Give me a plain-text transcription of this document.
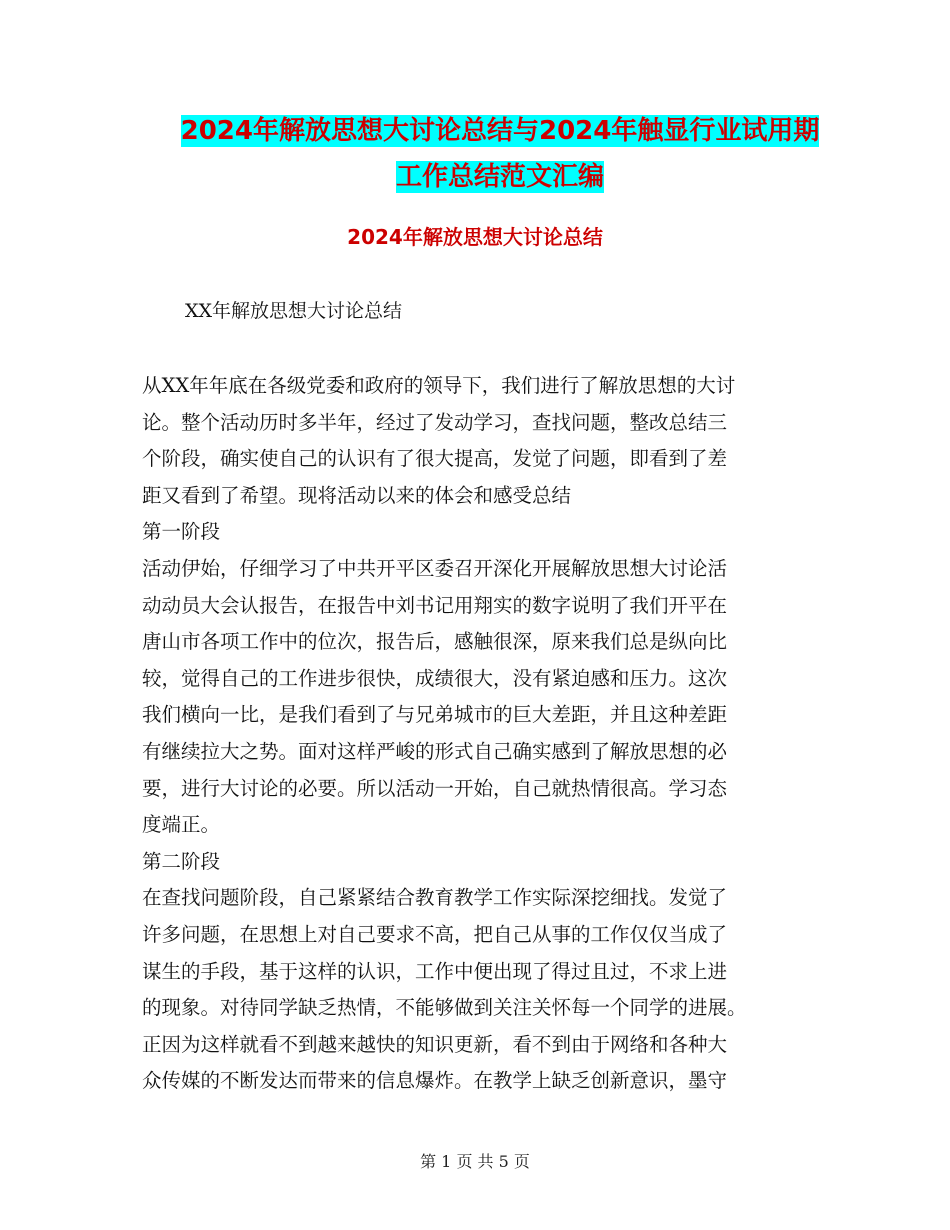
2024年解放思想大讨论总结与2024年触显行业试用期
工作总结范文汇编
2024年解放思想大讨论总结

XX年解放思想大讨论总结

从XX年年底在各级党委和政府的领导下，我们进行了解放思想的大讨
论。整个活动历时多半年，经过了发动学习，查找问题，整改总结三
个阶段，确实使自己的认识有了很大提高，发觉了问题，即看到了差
距又看到了希望。现将活动以来的体会和感受总结
第一阶段
活动伊始，仔细学习了中共开平区委召开深化开展解放思想大讨论活
动动员大会认报告，在报告中刘书记用翔实的数字说明了我们开平在
唐山市各项工作中的位次，报告后，感触很深，原来我们总是纵向比
较，觉得自己的工作进步很快，成绩很大，没有紧迫感和压力。这次
我们横向一比，是我们看到了与兄弟城市的巨大差距，并且这种差距
有继续拉大之势。面对这样严峻的形式自己确实感到了解放思想的必
要，进行大讨论的必要。所以活动一开始，自己就热情很高。学习态
度端正。
第二阶段
在查找问题阶段，自己紧紧结合教育教学工作实际深挖细找。发觉了
许多问题，在思想上对自己要求不高，把自己从事的工作仅仅当成了
谋生的手段，基于这样的认识，工作中便出现了得过且过，不求上进
的现象。对待同学缺乏热情，不能够做到关注关怀每一个同学的进展。
正因为这样就看不到越来越快的知识更新，看不到由于网络和各种大
众传媒的不断发达而带来的信息爆炸。在教学上缺乏创新意识，墨守
第 1 页 共 5 页
